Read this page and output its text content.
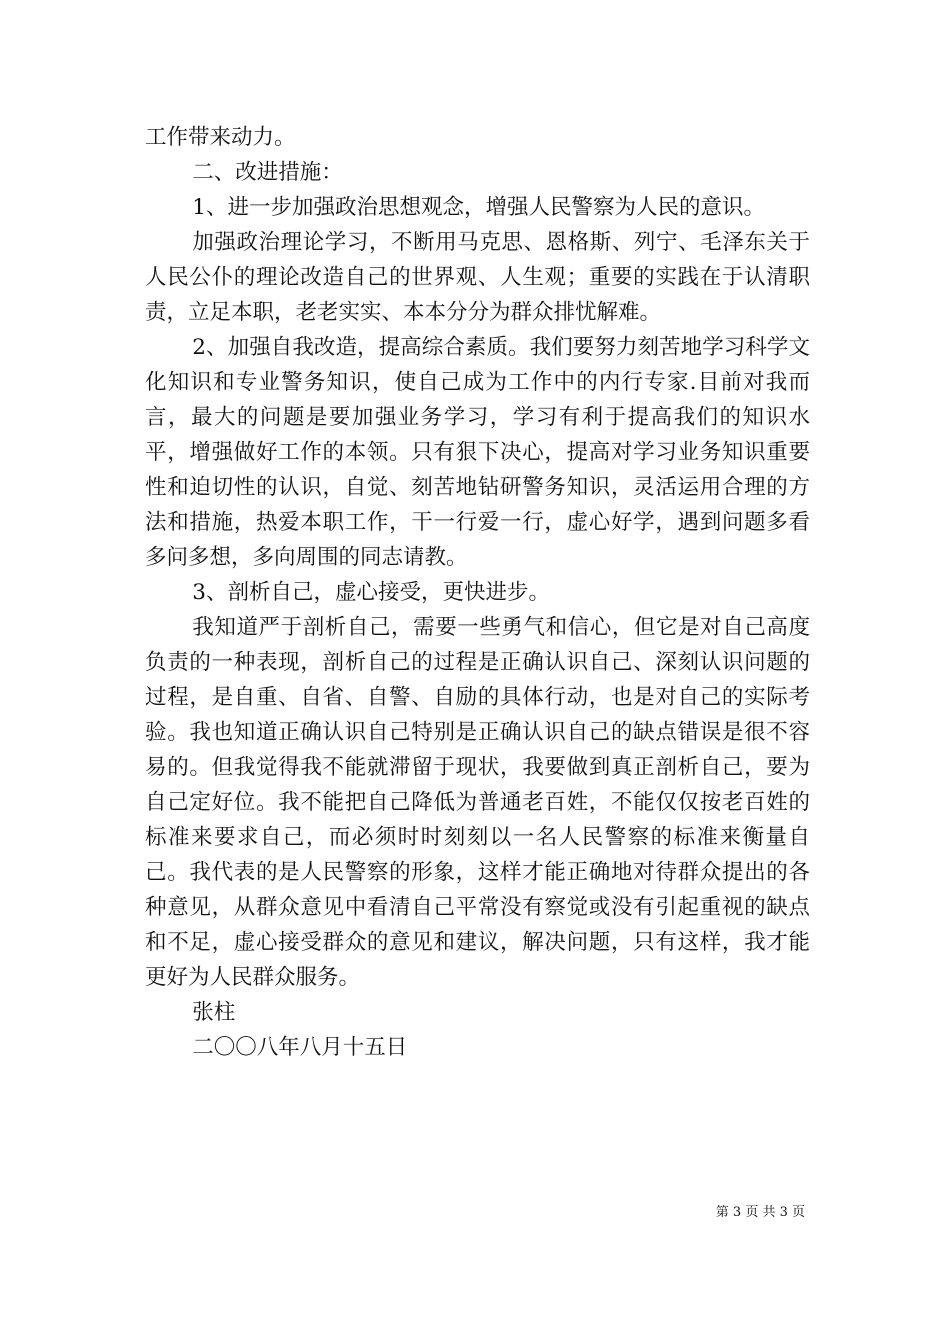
工作带来动力。

二、改进措施：

1、进一步加强政治思想观念，增强人民警察为人民的意识。

加强政治理论学习，不断用马克思、恩格斯、列宁、毛泽东关于人民公仆的理论改造自己的世界观、人生观；重要的实践在于认清职责，立足本职，老老实实、本本分分为群众排忧解难。

2、加强自我改造，提高综合素质。我们要努力刻苦地学习科学文化知识和专业警务知识，使自己成为工作中的内行专家.目前对我而言，最大的问题是要加强业务学习，学习有利于提高我们的知识水平，增强做好工作的本领。只有狠下决心，提高对学习业务知识重要性和迫切性的认识，自觉、刻苦地钻研警务知识，灵活运用合理的方法和措施，热爱本职工作，干一行爱一行，虚心好学，遇到问题多看多问多想，多向周围的同志请教。

3、剖析自己，虚心接受，更快进步。

我知道严于剖析自己，需要一些勇气和信心，但它是对自己高度负责的一种表现，剖析自己的过程是正确认识自己、深刻认识问题的过程，是自重、自省、自警、自励的具体行动，也是对自己的实际考验。我也知道正确认识自己特别是正确认识自己的缺点错误是很不容易的。但我觉得我不能就滞留于现状，我要做到真正剖析自己，要为自己定好位。我不能把自己降低为普通老百姓，不能仅仅按老百姓的标准来要求自己，而必须时时刻刻以一名人民警察的标准来衡量自己。我代表的是人民警察的形象，这样才能正确地对待群众提出的各种意见，从群众意见中看清自己平常没有察觉或没有引起重视的缺点和不足，虚心接受群众的意见和建议，解决问题，只有这样，我才能更好为人民群众服务。

张柱

二〇〇八年八月十五日

第 3 页 共 3 页
